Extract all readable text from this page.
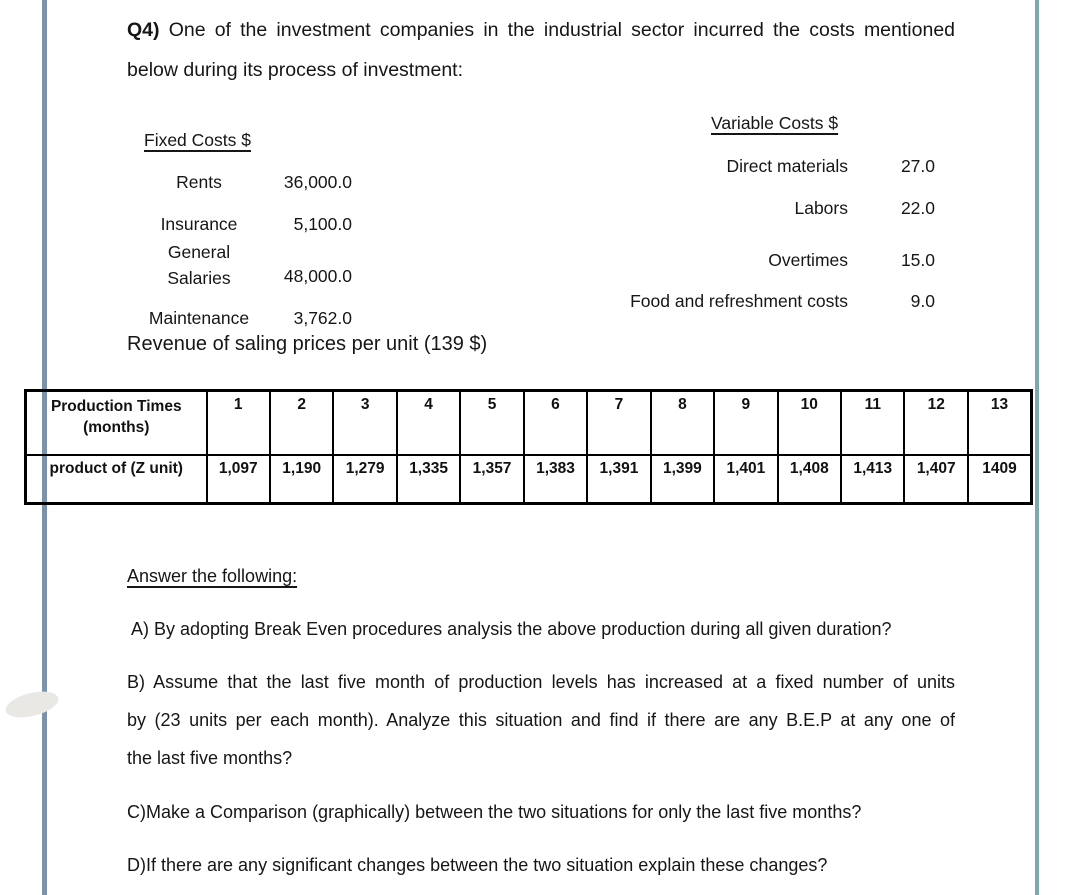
Q4) One of the investment companies in the industrial sector incurred the costs mentioned
below during its process of investment:
Fixed Costs $
Rents	36,000.0
Insurance	5,100.0
General Salaries	48,000.0
Maintenance	3,762.0
Variable Costs $
Direct materials	27.0
Labors	22.0
Overtimes	15.0
Food and refreshment costs	9.0
Revenue of saling prices per unit (139 $)
Production Times
(months)	1	2	3	4	5	6	7	8	9	10	11	12	13
product of (Z unit)	1,097	1,190	1,279	1,335	1,357	1,383	1,391	1,399	1,401	1,408	1,413	1,407	1409
Answer the following:
A) By adopting Break Even procedures analysis the above production during all given duration?
B) Assume that the last five month of production levels has increased at a fixed number of units
by (23 units per each month). Analyze this situation and find if there are any B.E.P at any one of
the last five months?
C)Make a Comparison (graphically) between the two situations for only the last five months?
D)If there are any significant changes between the two situation explain these changes?
